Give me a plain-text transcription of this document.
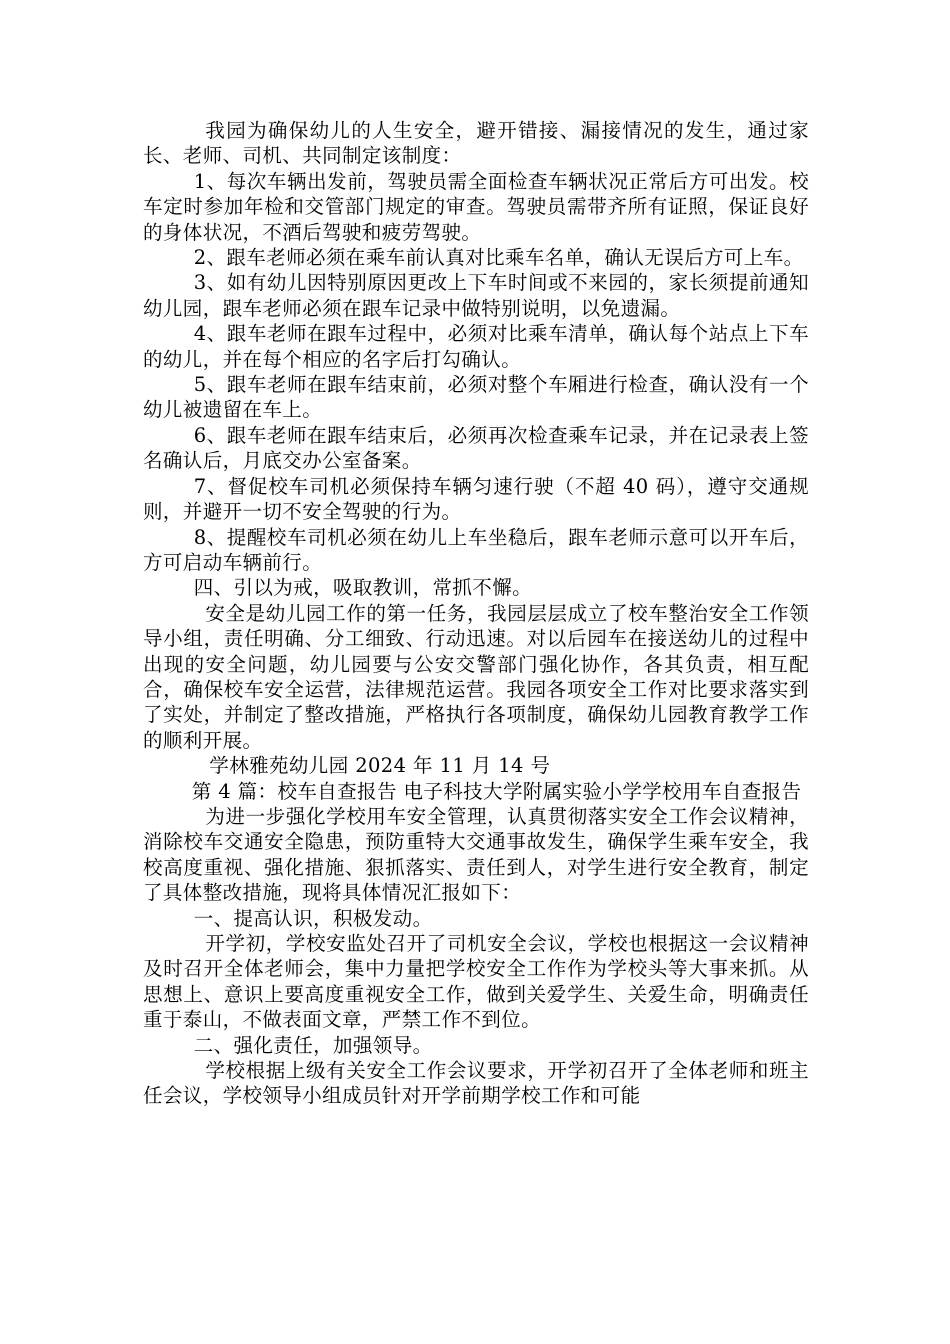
我园为确保幼儿的人生安全，避开错接、漏接情况的发生，通过家长、老师、司机、共同制定该制度：

1、每次车辆出发前，驾驶员需全面检查车辆状况正常后方可出发。校车定时参加年检和交管部门规定的审查。驾驶员需带齐所有证照，保证良好的身体状况，不酒后驾驶和疲劳驾驶。

2、跟车老师必须在乘车前认真对比乘车名单，确认无误后方可上车。

3、如有幼儿因特别原因更改上下车时间或不来园的，家长须提前通知幼儿园，跟车老师必须在跟车记录中做特别说明，以免遗漏。

4、跟车老师在跟车过程中，必须对比乘车清单，确认每个站点上下车的幼儿，并在每个相应的名字后打勾确认。

5、跟车老师在跟车结束前，必须对整个车厢进行检查，确认没有一个幼儿被遗留在车上。

6、跟车老师在跟车结束后，必须再次检查乘车记录，并在记录表上签名确认后，月底交办公室备案。

7、督促校车司机必须保持车辆匀速行驶（不超 40 码），遵守交通规则，并避开一切不安全驾驶的行为。

8、提醒校车司机必须在幼儿上车坐稳后，跟车老师示意可以开车后，方可启动车辆前行。

四、引以为戒，吸取教训，常抓不懈。

安全是幼儿园工作的第一任务，我园层层成立了校车整治安全工作领导小组，责任明确、分工细致、行动迅速。对以后园车在接送幼儿的过程中出现的安全问题，幼儿园要与公安交警部门强化协作，各其负责，相互配合，确保校车安全运营，法律规范运营。我园各项安全工作对比要求落实到了实处，并制定了整改措施，严格执行各项制度，确保幼儿园教育教学工作的顺利开展。

学林雅苑幼儿园 2024 年 11 月 14 号

第 4 篇：校车自查报告 电子科技大学附属实验小学学校用车自查报告

为进一步强化学校用车安全管理，认真贯彻落实安全工作会议精神，消除校车交通安全隐患，预防重特大交通事故发生，确保学生乘车安全，我校高度重视、强化措施、狠抓落实、责任到人，对学生进行安全教育，制定了具体整改措施，现将具体情况汇报如下：

一、提高认识，积极发动。

开学初，学校安监处召开了司机安全会议，学校也根据这一会议精神及时召开全体老师会，集中力量把学校安全工作作为学校头等大事来抓。从思想上、意识上要高度重视安全工作，做到关爱学生、关爱生命，明确责任重于泰山，不做表面文章，严禁工作不到位。

二、强化责任，加强领导。

学校根据上级有关安全工作会议要求，开学初召开了全体老师和班主任会议，学校领导小组成员针对开学前期学校工作和可能
